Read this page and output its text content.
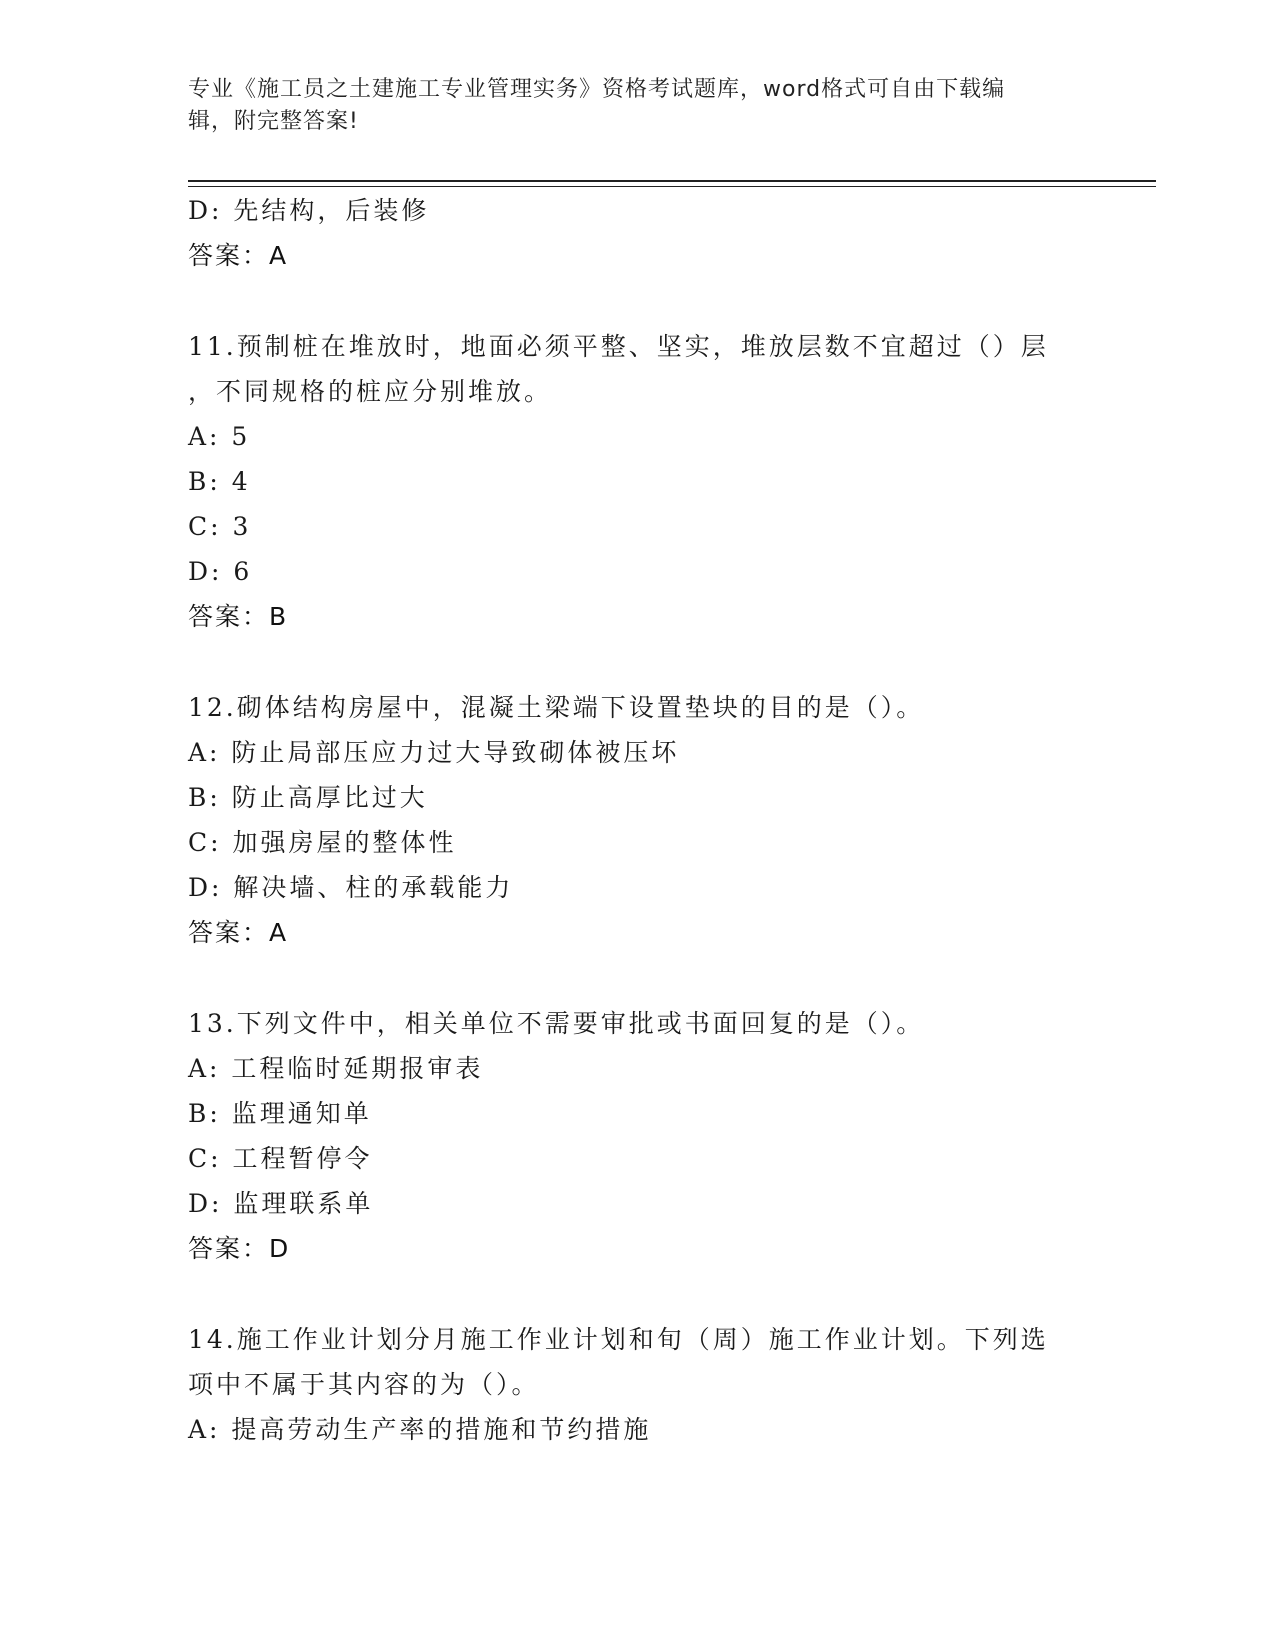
专业《施工员之土建施工专业管理实务》资格考试题库，word格式可自由下载编
辑，附完整答案!
D: 先结构，后装修
答案：A
11.预制桩在堆放时，地面必须平整、坚实，堆放层数不宜超过（）层
，不同规格的桩应分别堆放。
A: 5
B: 4
C: 3
D: 6
答案：B
12.砌体结构房屋中，混凝土梁端下设置垫块的目的是（）。
A: 防止局部压应力过大导致砌体被压坏
B: 防止高厚比过大
C: 加强房屋的整体性
D: 解决墙、柱的承载能力
答案：A
13.下列文件中，相关单位不需要审批或书面回复的是（）。
A: 工程临时延期报审表
B: 监理通知单
C: 工程暂停令
D: 监理联系单
答案：D
14.施工作业计划分月施工作业计划和旬（周）施工作业计划。下列选
项中不属于其内容的为（）。
A: 提高劳动生产率的措施和节约措施
